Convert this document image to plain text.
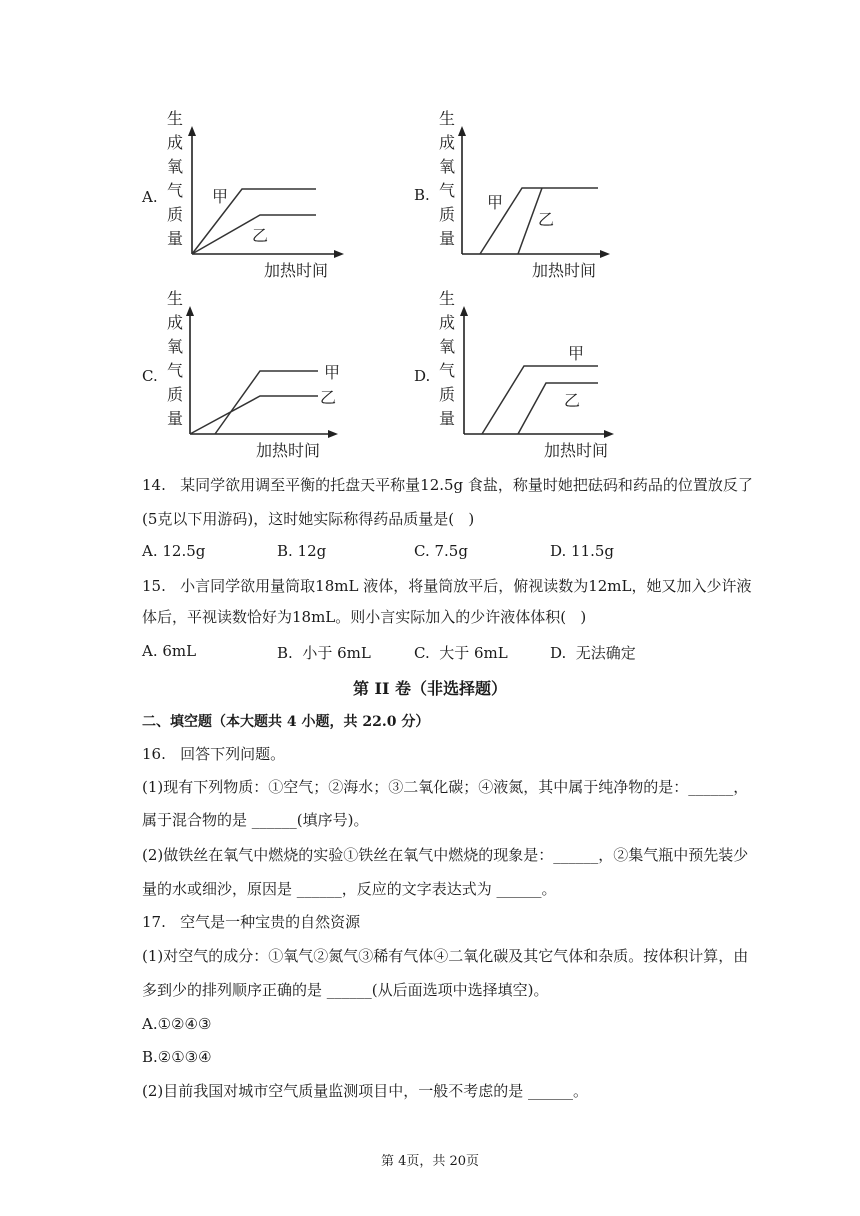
A.	B.
C.	D.
生
成
氧
气
质
量
甲
乙
加热时间
生
成
氧
气
质
量
甲
乙
加热时间
生
成
氧
气
质
量
甲
乙
加热时间
生
成
氧
气
质
量
甲
乙
加热时间
14.   某同学欲用调至平衡的托盘天平称量12.5g 食盐，称量时她把砝码和药品的位置放反了
(5克以下用游码)，这时她实际称得药品质量是(   )
A. 12.5g	B. 12g	C. 7.5g	D. 11.5g
15.   小言同学欲用量筒取18mL 液体，将量筒放平后，俯视读数为12mL，她又加入少许液
体后，平视读数恰好为18mL。则小言实际加入的少许液体体积(   )
A. 6mL	B.  小于 6mL	C.  大于 6mL	D.  无法确定
第 II 卷（非选择题）
二、填空题（本大题共 4 小题，共 22.0 分）
16.   回答下列问题。
(1)现有下列物质：①空气；②海水；③二氧化碳；④液氮，其中属于纯净物的是：______，
属于混合物的是 ______(填序号)。
(2)做铁丝在氧气中燃烧的实验①铁丝在氧气中燃烧的现象是：______，②集气瓶中预先装少
量的水或细沙，原因是 ______，反应的文字表达式为 ______。
17.   空气是一种宝贵的自然资源
(1)对空气的成分：①氧气②氮气③稀有气体④二氧化碳及其它气体和杂质。按体积计算，由
多到少的排列顺序正确的是 ______(从后面选项中选择填空)。
A.①②④③
B.②①③④
(2)目前我国对城市空气质量监测项目中，一般不考虑的是 ______。
第 4页，共 20页
